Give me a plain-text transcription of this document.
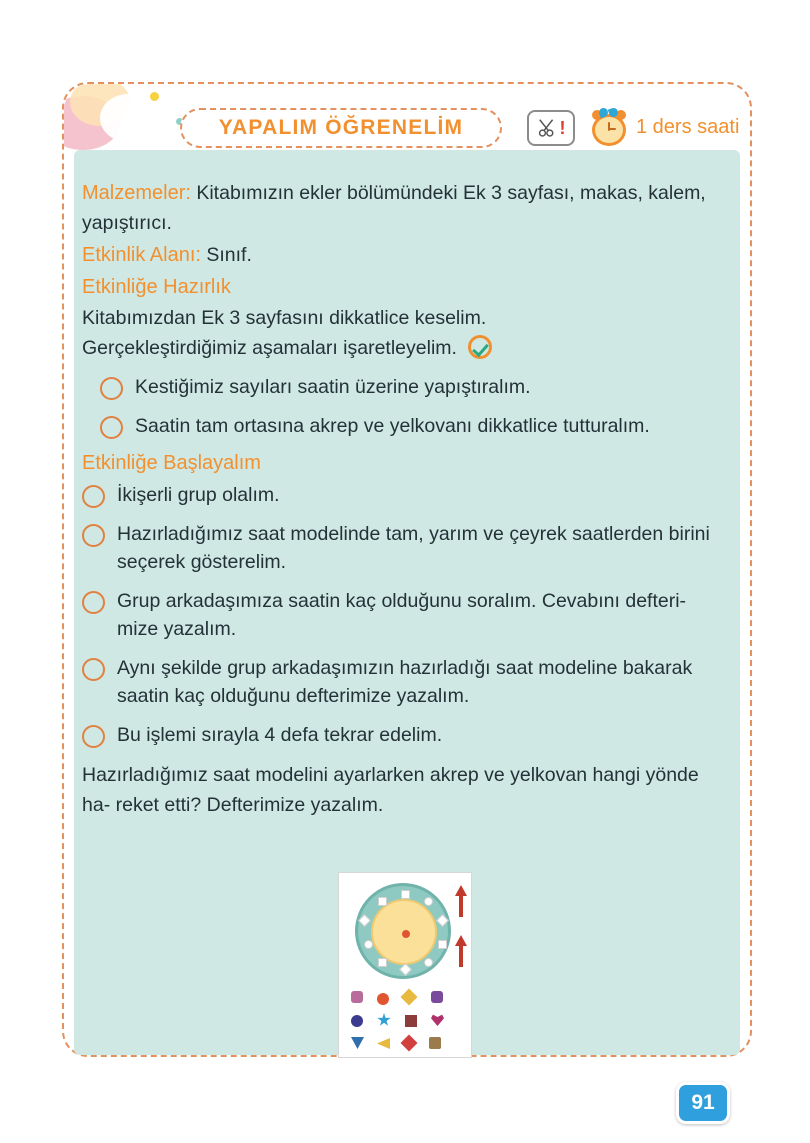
YAPALIM ÖĞRENELİM	!	1 ders saati
Malzemeler: Kitabımızın ekler bölümündeki Ek 3 sayfası, makas, kalem, yapıştırıcı.
Etkinlik Alanı: Sınıf.
Etkinliğe Hazırlık
Kitabımızdan Ek 3 sayfasını dikkatlice keselim.
Gerçekleştirdiğimiz aşamaları işaretleyelim.
Kestiğimiz sayıları saatin üzerine yapıştıralım.
Saatin tam ortasına akrep ve yelkovanı dikkatlice tutturalım.
Etkinliğe Başlayalım
İkişerli grup olalım.
Hazırladığımız saat modelinde tam, yarım ve çeyrek saatlerden birini seçerek gösterelim.
Grup arkadaşımıza saatin kaç olduğunu soralım. Cevabını defteri‑ mize yazalım.
Aynı şekilde grup arkadaşımızın hazırladığı saat modeline bakarak saatin kaç olduğunu defterimize yazalım.
Bu işlemi sırayla 4 defa tekrar edelim.
Hazırladığımız saat modelini ayarlarken akrep ve yelkovan hangi yönde ha‑ reket etti? Defterimize yazalım.
91
